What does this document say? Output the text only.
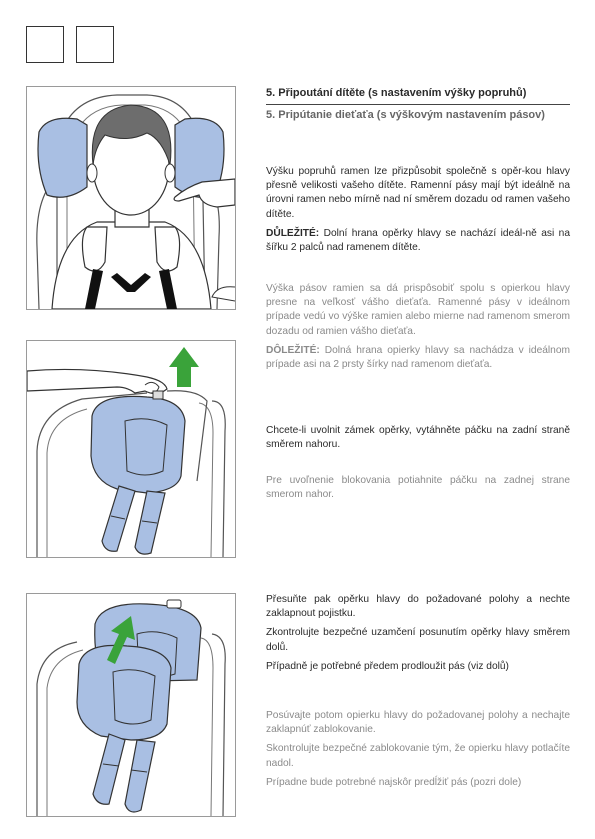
5. Připoutání dítěte (s nastavením výšky popruhů)

5. Pripútanie dieťaťa (s výškovým nastavením pásov)

Výšku popruhů ramen lze přizpůsobit společně s opěr-kou hlavy přesně velikosti vašeho dítěte. Ramenní pásy mají být ideálně na úrovni ramen nebo mírně nad ní směrem dozadu od ramen vašeho dítěte.

DŮLEŽITÉ: Dolní hrana opěrky hlavy se nachází ideál-ně asi na šířku 2 palců nad ramenem dítěte.

Výška pásov ramien sa dá prispôsobiť spolu s opierkou hlavy presne na veľkosť vášho dieťaťa. Ramenné pásy v ideálnom prípade vedú vo výške ramien alebo mierne nad ramenom smerom dozadu od ramien vášho dieťaťa.

DÔLEŽITÉ: Dolná hrana opierky hlavy sa nachádza v ideálnom prípade asi na 2 prsty šírky nad ramenom dieťaťa.

Chcete-li uvolnit zámek opěrky, vytáhněte páčku na zadní straně směrem nahoru.

Pre uvoľnenie blokovania potiahnite páčku na zadnej strane smerom nahor.

Přesuňte pak opěrku hlavy do požadované polohy a nechte zaklapnout pojistku.

Zkontrolujte bezpečné uzamčení posunutím opěrky hlavy směrem dolů.

Případně je potřebné předem prodloužit pás (viz dolů)

Posúvajte potom opierku hlavy do požadovanej polohy a nechajte zaklapnúť zablokovanie.

Skontrolujte bezpečné zablokovanie tým, že opierku hlavy potlačíte nadol.

Prípadne bude potrebné najskôr predĺžiť pás (pozri dole)
